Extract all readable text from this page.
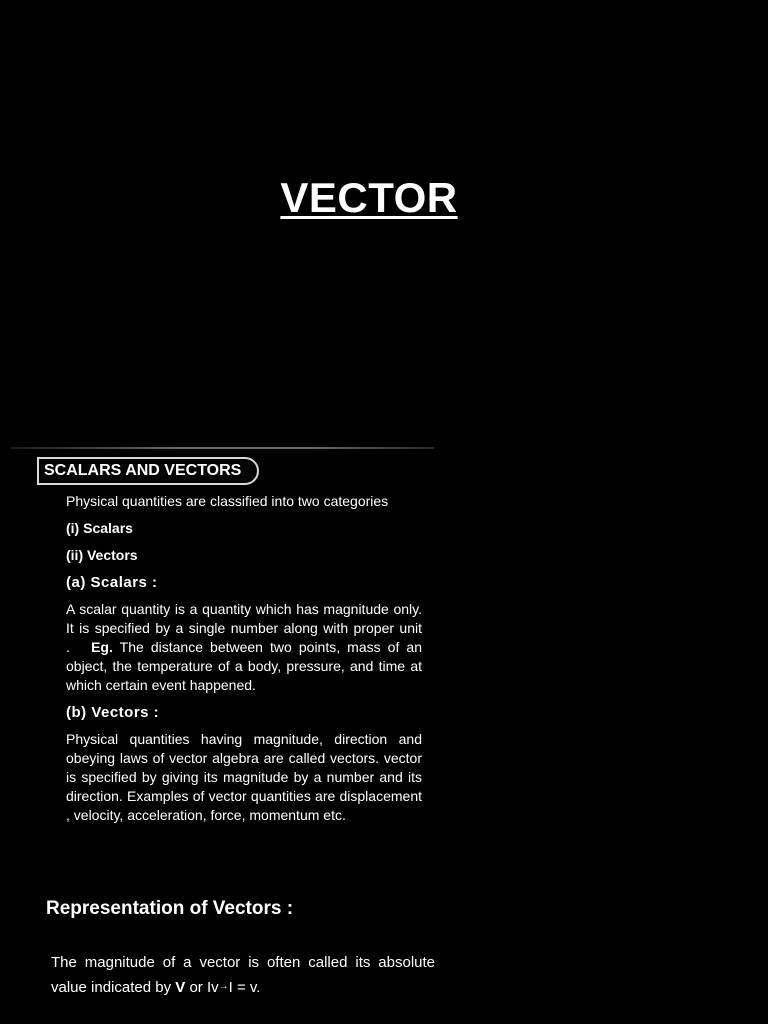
VECTOR
SCALARS AND VECTORS

Physical quantities are classified into two categories

(i) Scalars

(ii) Vectors

(a) Scalars :

A scalar quantity is a quantity which has magnitude only. It is specified by a single number along with proper unit . Eg. The distance between two points, mass of an object, the temperature of a body, pressure, and time at which certain event happened.

(b) Vectors :

Physical quantities having magnitude, direction and obeying laws of vector algebra are called vectors. vector is specified by giving its magnitude by a number and its direction. Examples of vector quantities are displacement , velocity, acceleration, force, momentum etc.

Representation of Vectors :
The magnitude of a vector is often called its absolute value indicated by V or Iv→I = v.
